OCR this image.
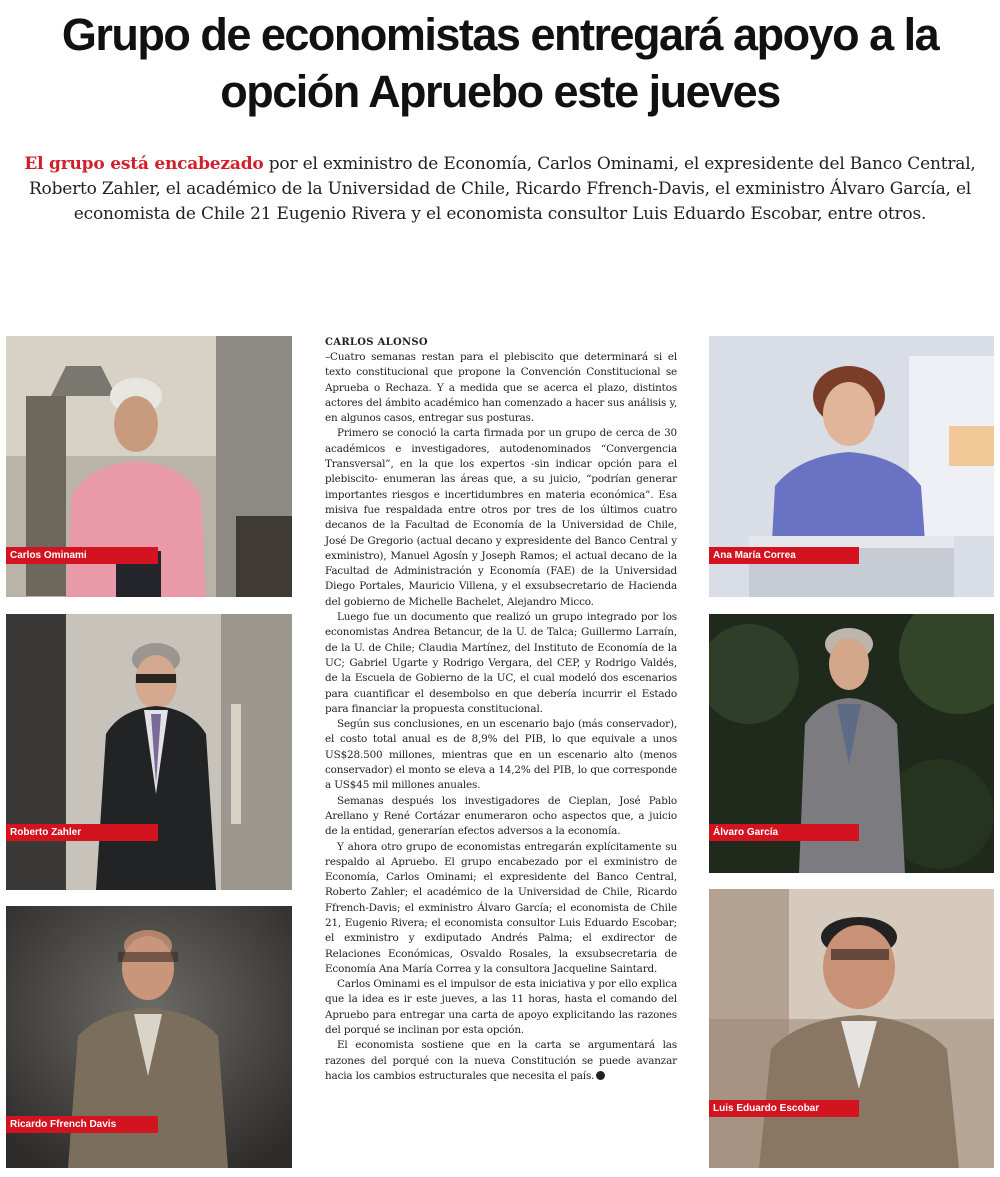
Grupo de economistas entregará apoyo a la
opción Apruebo este jueves

El grupo está encabezado por el exministro de Economía, Carlos Ominami, el expresidente del Banco Central, Roberto Zahler, el académico de la Universidad de Chile, Ricardo Ffrench-Davis, el exministro Álvaro García, el economista de Chile 21 Eugenio Rivera y el economista consultor Luis Eduardo Escobar, entre otros.

Carlos Ominami
Roberto Zahler
Ricardo Ffrench Davis

CARLOS ALONSO

–Cuatro semanas restan para el plebiscito que determinará si el texto constitucional que propone la Convención Constitucional se Aprueba o Rechaza. Y a medida que se acerca el plazo, distintos actores del ámbito académico han comenzado a hacer sus análisis y, en algunos casos, entregar sus posturas.

Primero se conoció la carta firmada por un grupo de cerca de 30 académicos e investigadores, autodenominados “Convergencia Transversal”, en la que los expertos -sin indicar opción para el plebiscito- enumeran las áreas que, a su juicio, “podrían generar importantes riesgos e incertidumbres en materia económica”. Esa misiva fue respaldada entre otros por tres de los últimos cuatro decanos de la Facultad de Economía de la Universidad de Chile, José De Gregorio (actual decano y expresidente del Banco Central y exministro), Manuel Agosín y Joseph Ramos; el actual decano de la Facultad de Administración y Economía (FAE) de la Universidad Diego Portales, Mauricio Villena, y el exsubsecretario de Hacienda del gobierno de Michelle Bachelet, Alejandro Micco.

Luego fue un documento que realizó un grupo integrado por los economistas Andrea Betancur, de la U. de Talca; Guillermo Larraín, de la U. de Chile; Claudia Martínez, del Instituto de Economía de la UC; Gabriel Ugarte y Rodrigo Vergara, del CEP, y Rodrigo Valdés, de la Escuela de Gobierno de la UC, el cual modeló dos escenarios para cuantificar el desembolso en que debería incurrir el Estado para financiar la propuesta constitucional.

Según sus conclusiones, en un escenario bajo (más conservador), el costo total anual es de 8,9% del PIB, lo que equivale a unos US$28.500 millones, mientras que en un escenario alto (menos conservador) el monto se eleva a 14,2% del PIB, lo que corresponde a US$45 mil millones anuales.

Semanas después los investigadores de Cieplan, José Pablo Arellano y René Cortázar enumeraron ocho aspectos que, a juicio de la entidad, generarían efectos adversos a la economía.

Y ahora otro grupo de economistas entregarán explícitamente su respaldo al Apruebo. El grupo encabezado por el exministro de Economía, Carlos Ominami; el expresidente del Banco Central, Roberto Zahler; el académico de la Universidad de Chile, Ricardo Ffrench-Davis; el exministro Álvaro García; el economista de Chile 21, Eugenio Rivera; el economista consultor Luis Eduardo Escobar; el exministro y exdiputado Andrés Palma; el exdirector de Relaciones Económicas, Osvaldo Rosales, la exsubsecretaria de Economía Ana María Correa y la consultora Jacqueline Saintard.

Carlos Ominami es el impulsor de esta iniciativa y por ello explica que la idea es ir este jueves, a las 11 horas, hasta el comando del Apruebo para entregar una carta de apoyo explicitando las razones del porqué se inclinan por esta opción.

El economista sostiene que en la carta se argumentará las razones del porqué con la nueva Constitución se puede avanzar hacia los cambios estructurales que necesita el país.

Ana María Correa
Álvaro García
Luis Eduardo Escobar
